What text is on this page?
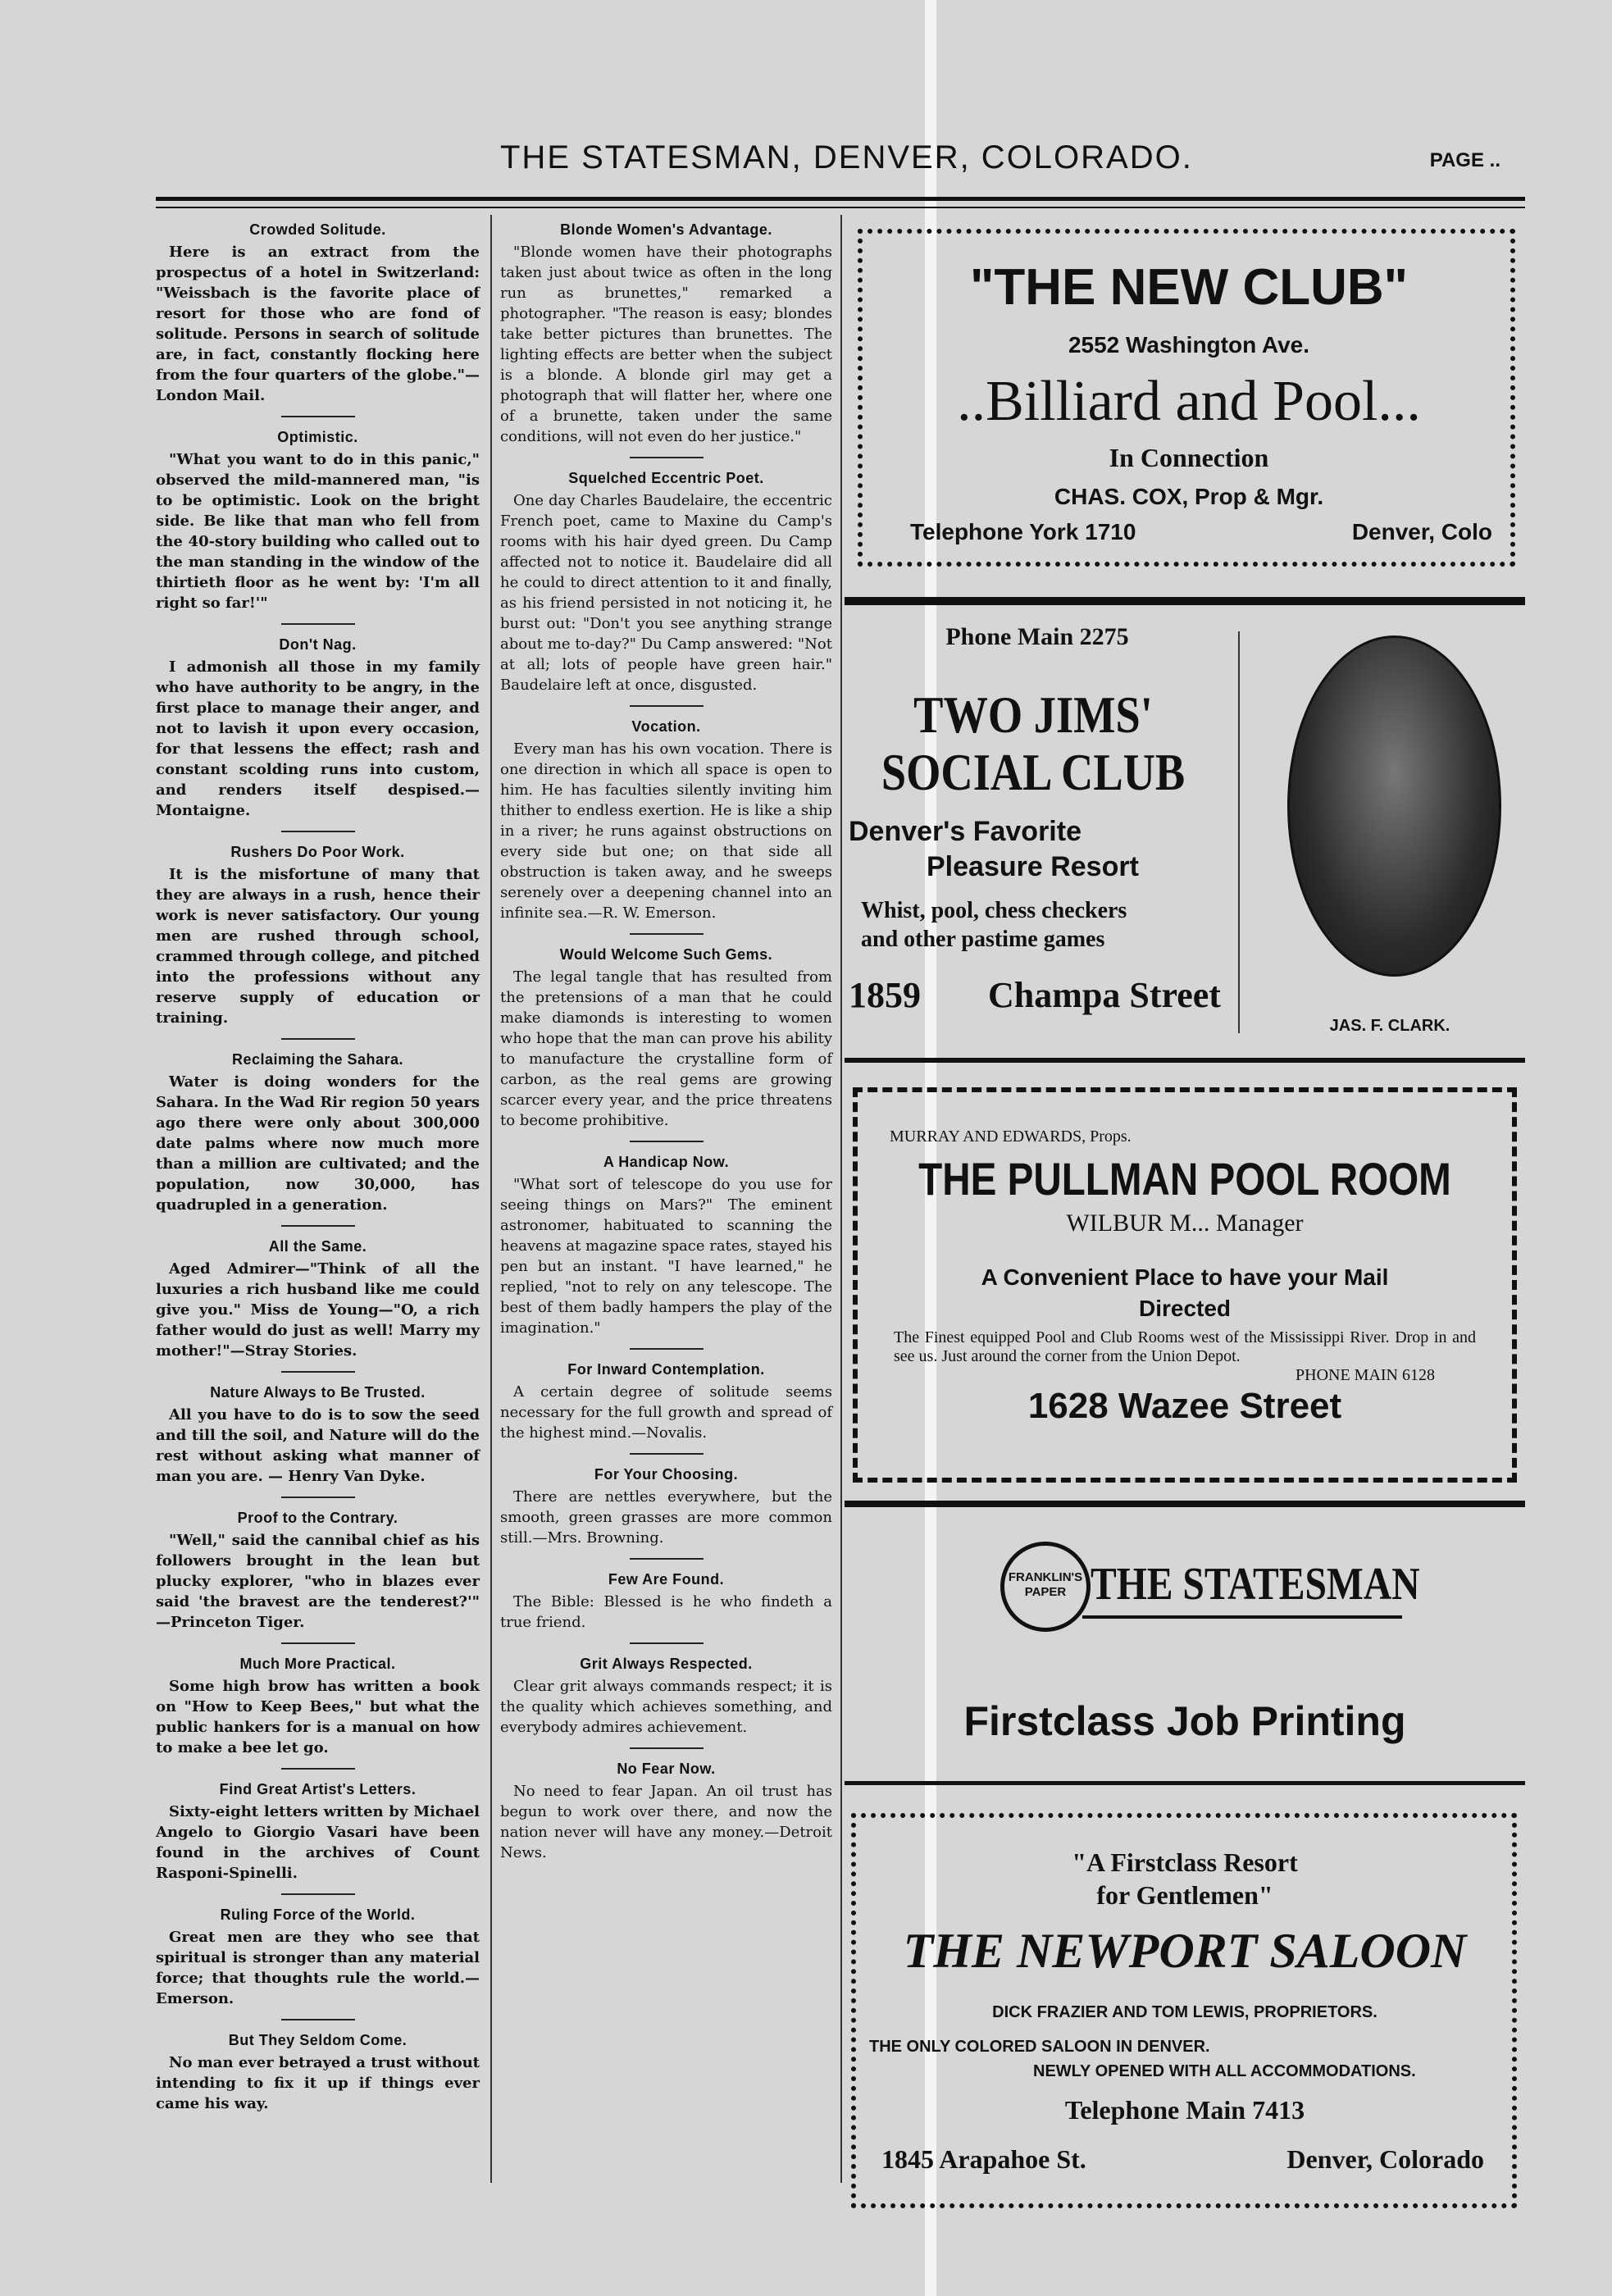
THE STATESMAN, DENVER, COLORADO.	PAGE ..
Crowded Solitude.

Here is an extract from the prospectus of a hotel in Switzerland: "Weissbach is the favorite place of resort for those who are fond of solitude. Persons in search of solitude are, in fact, constantly flocking here from the four quarters of the globe."—London Mail.

Optimistic.

"What you want to do in this panic," observed the mild-mannered man, "is to be optimistic. Look on the bright side. Be like that man who fell from the 40-story building who called out to the man standing in the window of the thirtieth floor as he went by: 'I'm all right so far!'"

Don't Nag.

I admonish all those in my family who have authority to be angry, in the first place to manage their anger, and not to lavish it upon every occasion, for that lessens the effect; rash and constant scolding runs into custom, and renders itself despised.—Montaigne.

Rushers Do Poor Work.

It is the misfortune of many that they are always in a rush, hence their work is never satisfactory. Our young men are rushed through school, crammed through college, and pitched into the professions without any reserve supply of education or training.

Reclaiming the Sahara.

Water is doing wonders for the Sahara. In the Wad Rir region 50 years ago there were only about 300,000 date palms where now much more than a million are cultivated; and the population, now 30,000, has quadrupled in a generation.

All the Same.

Aged Admirer—"Think of all the luxuries a rich husband like me could give you." Miss de Young—"O, a rich father would do just as well! Marry my mother!"—Stray Stories.

Nature Always to Be Trusted.

All you have to do is to sow the seed and till the soil, and Nature will do the rest without asking what manner of man you are. — Henry Van Dyke.

Proof to the Contrary.

"Well," said the cannibal chief as his followers brought in the lean but plucky explorer, "who in blazes ever said 'the bravest are the tenderest?'" —Princeton Tiger.

Much More Practical.

Some high brow has written a book on "How to Keep Bees," but what the public hankers for is a manual on how to make a bee let go.

Find Great Artist's Letters.

Sixty-eight letters written by Michael Angelo to Giorgio Vasari have been found in the archives of Count Rasponi-Spinelli.

Ruling Force of the World.

Great men are they who see that spiritual is stronger than any material force; that thoughts rule the world.—Emerson.

But They Seldom Come.

No man ever betrayed a trust without intending to fix it up if things ever came his way.

Blonde Women's Advantage.

"Blonde women have their photographs taken just about twice as often in the long run as brunettes," remarked a photographer. "The reason is easy; blondes take better pictures than brunettes. The lighting effects are better when the subject is a blonde. A blonde girl may get a photograph that will flatter her, where one of a brunette, taken under the same conditions, will not even do her justice."

Squelched Eccentric Poet.

One day Charles Baudelaire, the eccentric French poet, came to Maxine du Camp's rooms with his hair dyed green. Du Camp affected not to notice it. Baudelaire did all he could to direct attention to it and finally, as his friend persisted in not noticing it, he burst out: "Don't you see anything strange about me to-day?" Du Camp answered: "Not at all; lots of people have green hair." Baudelaire left at once, disgusted.

Vocation.

Every man has his own vocation. There is one direction in which all space is open to him. He has faculties silently inviting him thither to endless exertion. He is like a ship in a river; he runs against obstructions on every side but one; on that side all obstruction is taken away, and he sweeps serenely over a deepening channel into an infinite sea.—R. W. Emerson.

Would Welcome Such Gems.

The legal tangle that has resulted from the pretensions of a man that he could make diamonds is interesting to women who hope that the man can prove his ability to manufacture the crystalline form of carbon, as the real gems are growing scarcer every year, and the price threatens to become prohibitive.

A Handicap Now.

"What sort of telescope do you use for seeing things on Mars?" The eminent astronomer, habituated to scanning the heavens at magazine space rates, stayed his pen but an instant. "I have learned," he replied, "not to rely on any telescope. The best of them badly hampers the play of the imagination."

For Inward Contemplation.

A certain degree of solitude seems necessary for the full growth and spread of the highest mind.—Novalis.

For Your Choosing.

There are nettles everywhere, but the smooth, green grasses are more common still.—Mrs. Browning.

Few Are Found.

The Bible: Blessed is he who findeth a true friend.

Grit Always Respected.

Clear grit always commands respect; it is the quality which achieves something, and everybody admires achievement.

No Fear Now.

No need to fear Japan. An oil trust has begun to work over there, and now the nation never will have any money.—Detroit News.

"THE NEW CLUB"
2552 Washington Ave.
..Billiard and Pool...
In Connection
CHAS. COX, Prop & Mgr.
Telephone York 1710	Denver, Colo
Phone Main 2275
TWO JIMS'
SOCIAL CLUB
Denver's Favorite
Pleasure Resort
Whist, pool, chess checkers
and other pastime games
1859 Champa Street
JAS. F. CLARK.
MURRAY AND EDWARDS, Props.
THE PULLMAN POOL ROOM
WILBUR M... Manager
A Convenient Place to have your Mail
Directed
The Finest equipped Pool and Club Rooms west of the Mississippi River. Drop in and see us. Just around the corner from the Union Depot.
PHONE MAIN 6128
1628 Wazee Street
FRANKLIN'S PAPER THE STATESMAN
Firstclass Job Printing
"A Firstclass Resort
for Gentlemen"
THE NEWPORT SALOON
DICK FRAZIER AND TOM LEWIS, PROPRIETORS.
THE ONLY COLORED SALOON IN DENVER.
NEWLY OPENED WITH ALL ACCOMMODATIONS.
Telephone Main 7413
1845 Arapahoe St.	Denver, Colorado
